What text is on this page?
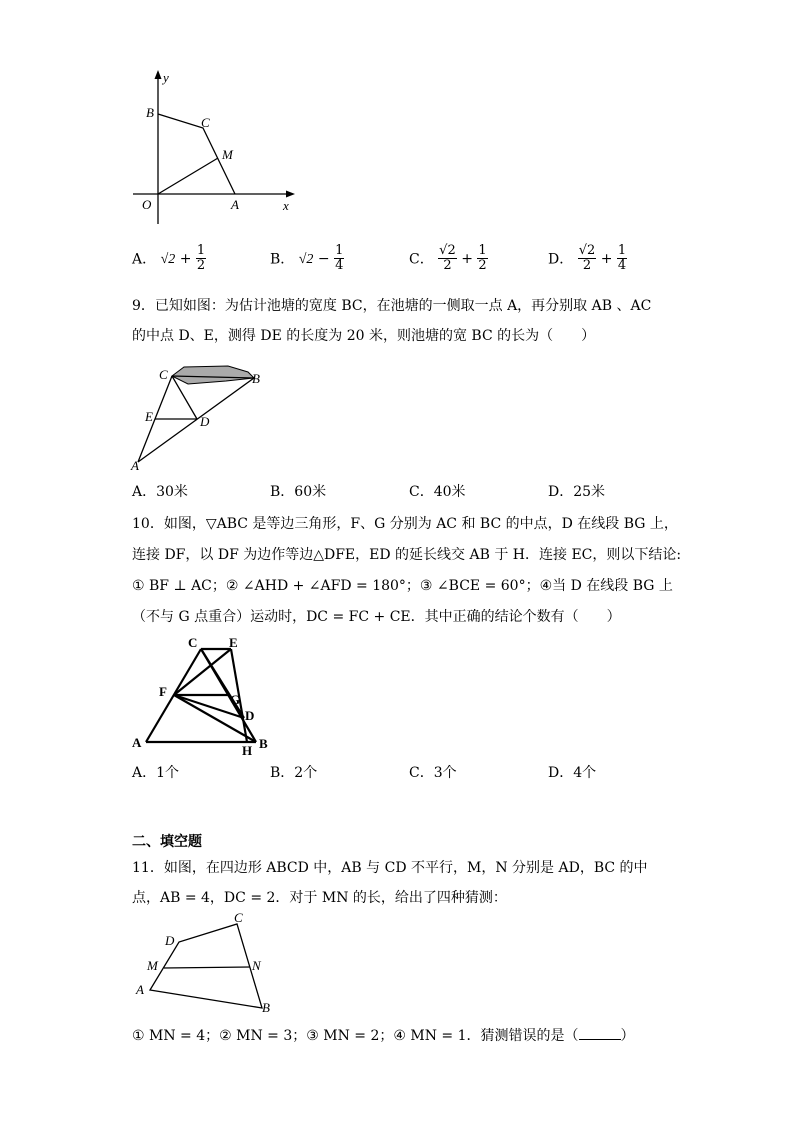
y
B
C
M
O	A	x
A． $√2 + \frac{1}{2}$	B． $√2 - \frac{1}{4}$	C． $\frac{√2}{2} + \frac{1}{2}$	D． $\frac{√2}{2} + \frac{1}{4}$
9．已知如图：为估计池塘的宽度 BC，在池塘的一侧取一点 A，再分别取 AB 、AC
的中点 D、E，测得 DE 的长度为 20 米，则池塘的宽 BC 的长为（　　）
C	B
E	D
A
A．30米	B．60米	C．40米	D．25米
10．如图，▽ABC 是等边三角形，F、G 分别为 AC 和 BC 的中点，D 在线段 BG 上，
连接 DF，以 DF 为边作等边△DFE，ED 的延长线交 AB 于 H．连接 EC，则以下结论:
① BF ⊥ AC；② ∠AHD + ∠AFD = 180°；③ ∠BCE = 60°；④当 D 在线段 BG 上
（不与 G 点重合）运动时，DC = FC + CE．其中正确的结论个数有（　　）
C E
F
G
D
A
H B
A．1个	B．2个	C．3个	D．4个
二、填空题
11．如图，在四边形 ABCD 中，AB 与 CD 不平行，M，N 分别是 AD，BC 的中
点，AB = 4，DC = 2．对于 MN 的长，给出了四种猜测：
C
D
M	N
A
B
① MN = 4；② MN = 3；③ MN = 2；④ MN = 1．猜测错误的是（	）
